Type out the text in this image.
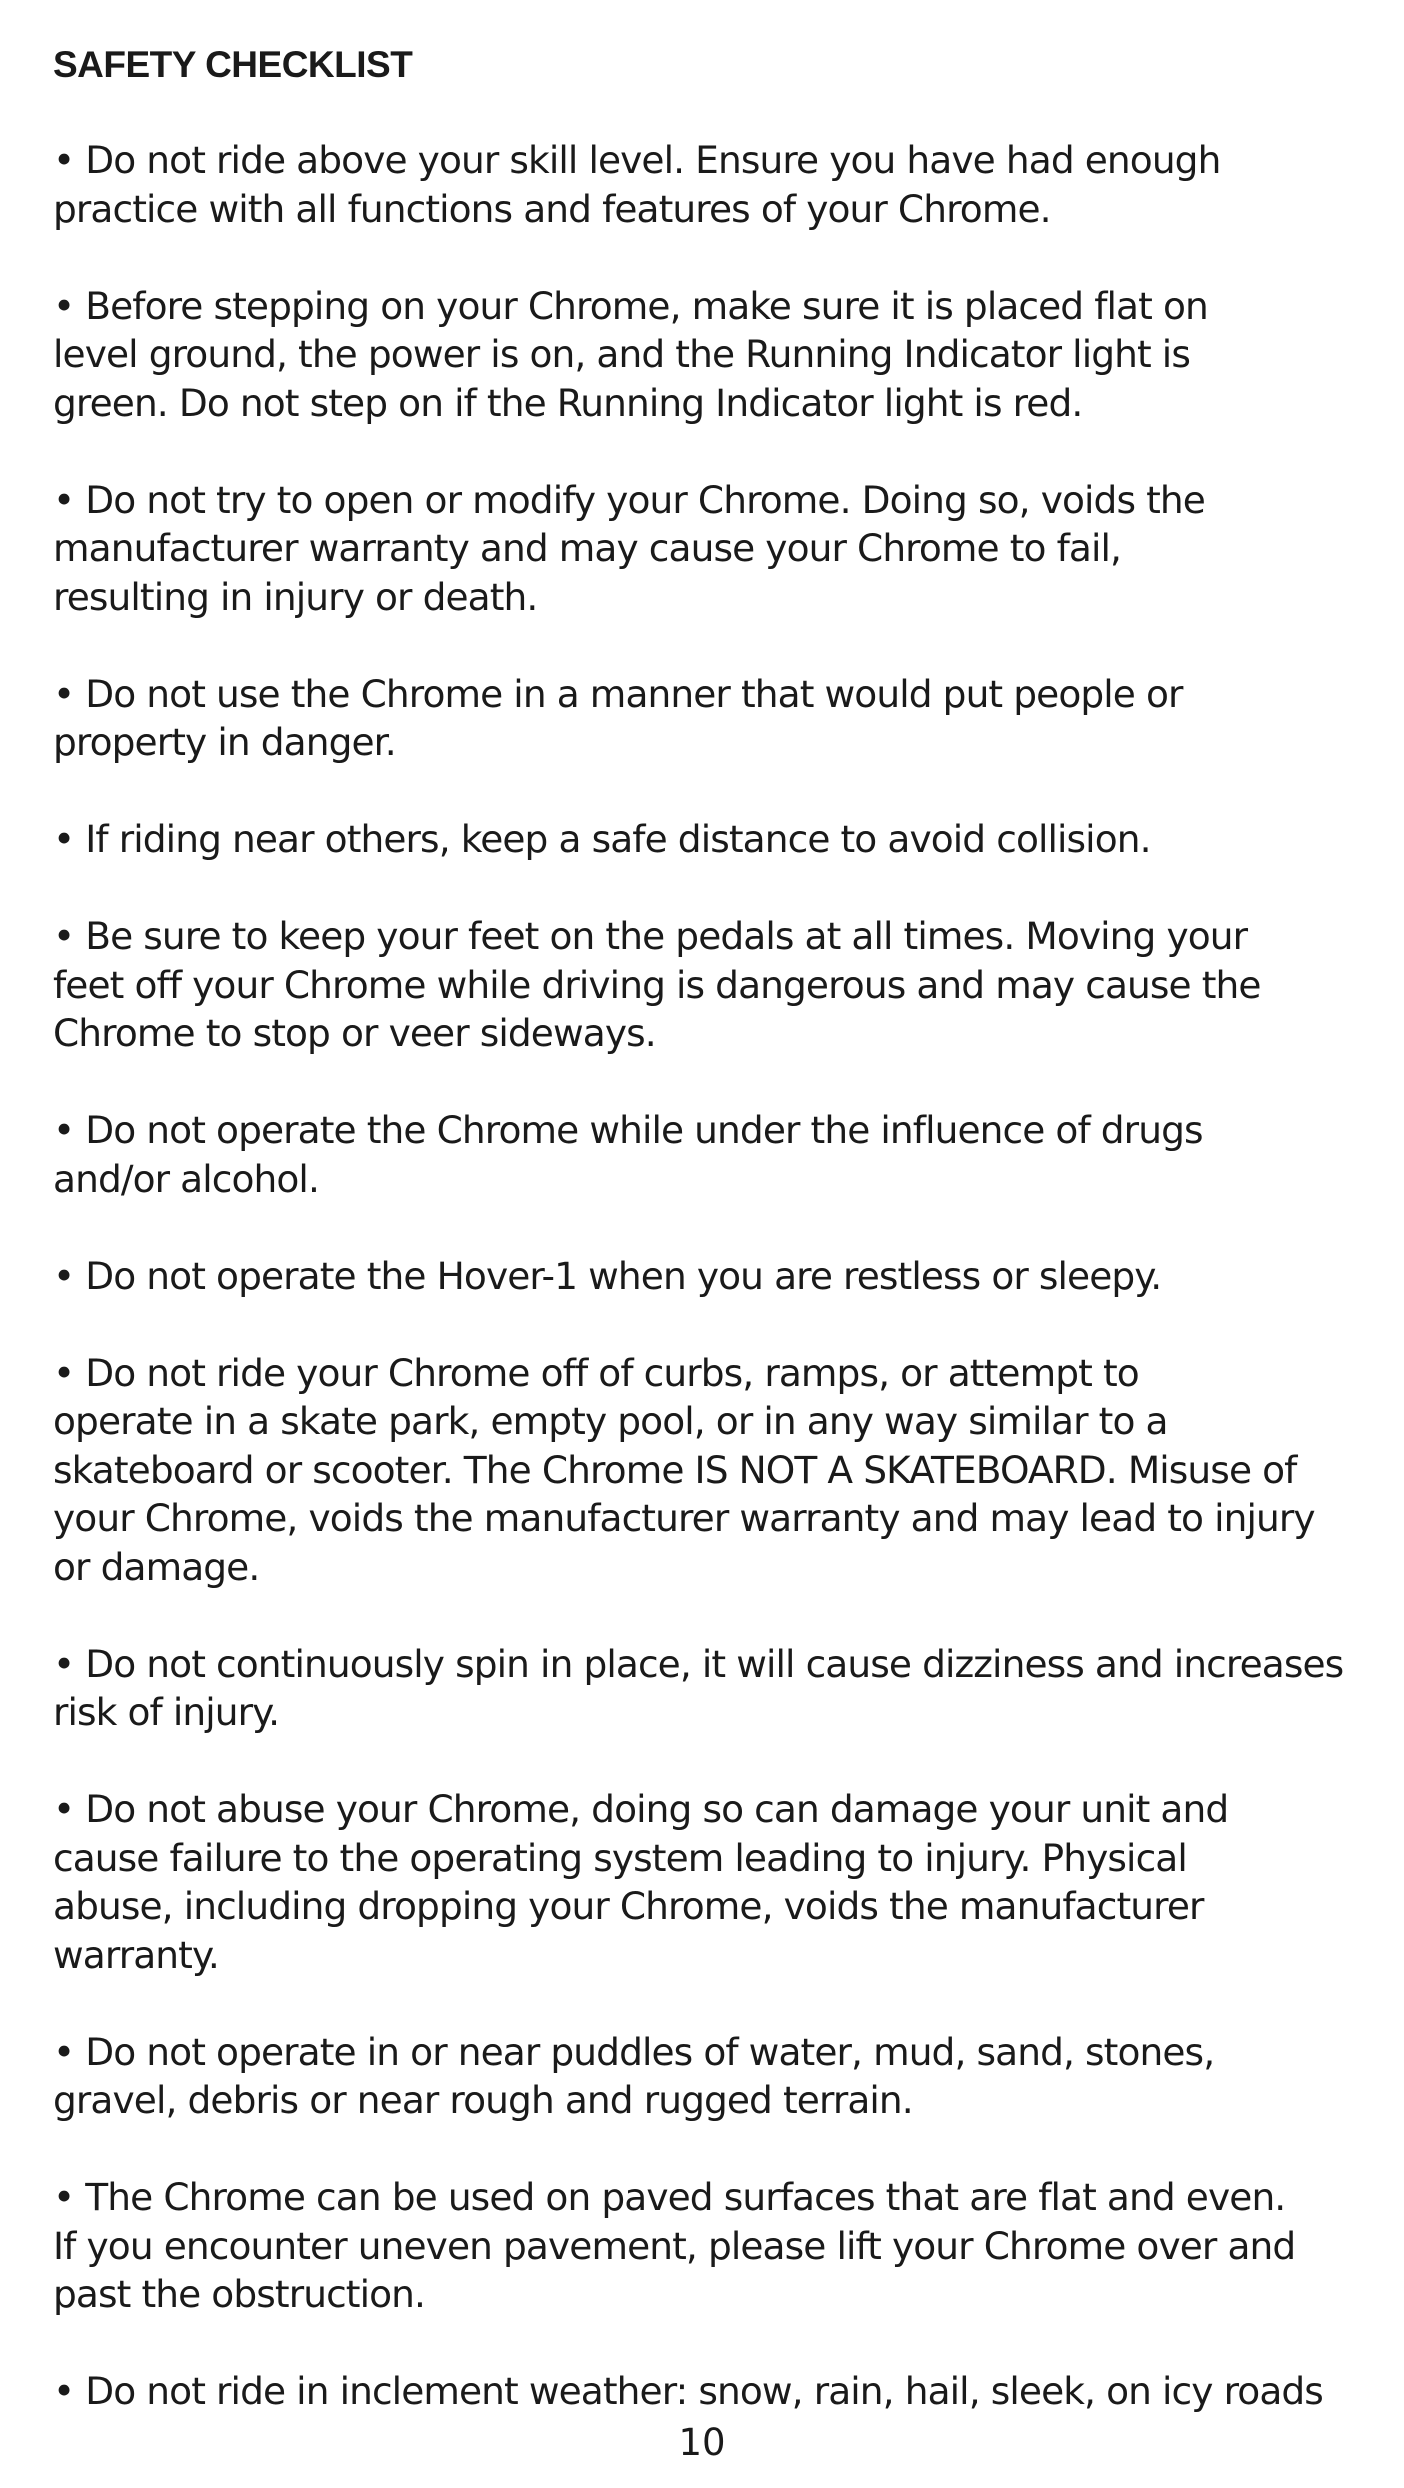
SAFETY CHECKLIST
• Do not ride above your skill level. Ensure you have had enough
practice with all functions and features of your Chrome.
• Before stepping on your Chrome, make sure it is placed flat on
level ground, the power is on, and the Running Indicator light is
green. Do not step on if the Running Indicator light is red.
• Do not try to open or modify your Chrome. Doing so, voids the
manufacturer warranty and may cause your Chrome to fail,
resulting in injury or death.
• Do not use the Chrome in a manner that would put people or
property in danger.
• If riding near others, keep a safe distance to avoid collision.
• Be sure to keep your feet on the pedals at all times. Moving your
feet off your Chrome while driving is dangerous and may cause the
Chrome to stop or veer sideways.
• Do not operate the Chrome while under the influence of drugs
and/or alcohol.
• Do not operate the Hover-1 when you are restless or sleepy.
• Do not ride your Chrome off of curbs, ramps, or attempt to
operate in a skate park, empty pool, or in any way similar to a
skateboard or scooter. The Chrome IS NOT A SKATEBOARD. Misuse of
your Chrome, voids the manufacturer warranty and may lead to injury
or damage.
• Do not continuously spin in place, it will cause dizziness and increases
risk of injury.
• Do not abuse your Chrome, doing so can damage your unit and
cause failure to the operating system leading to injury. Physical
abuse, including dropping your Chrome, voids the manufacturer
warranty.
• Do not operate in or near puddles of water, mud, sand, stones,
gravel, debris or near rough and rugged terrain.
• The Chrome can be used on paved surfaces that are flat and even.
If you encounter uneven pavement, please lift your Chrome over and
past the obstruction.
• Do not ride in inclement weather: snow, rain, hail, sleek, on icy roads
10
